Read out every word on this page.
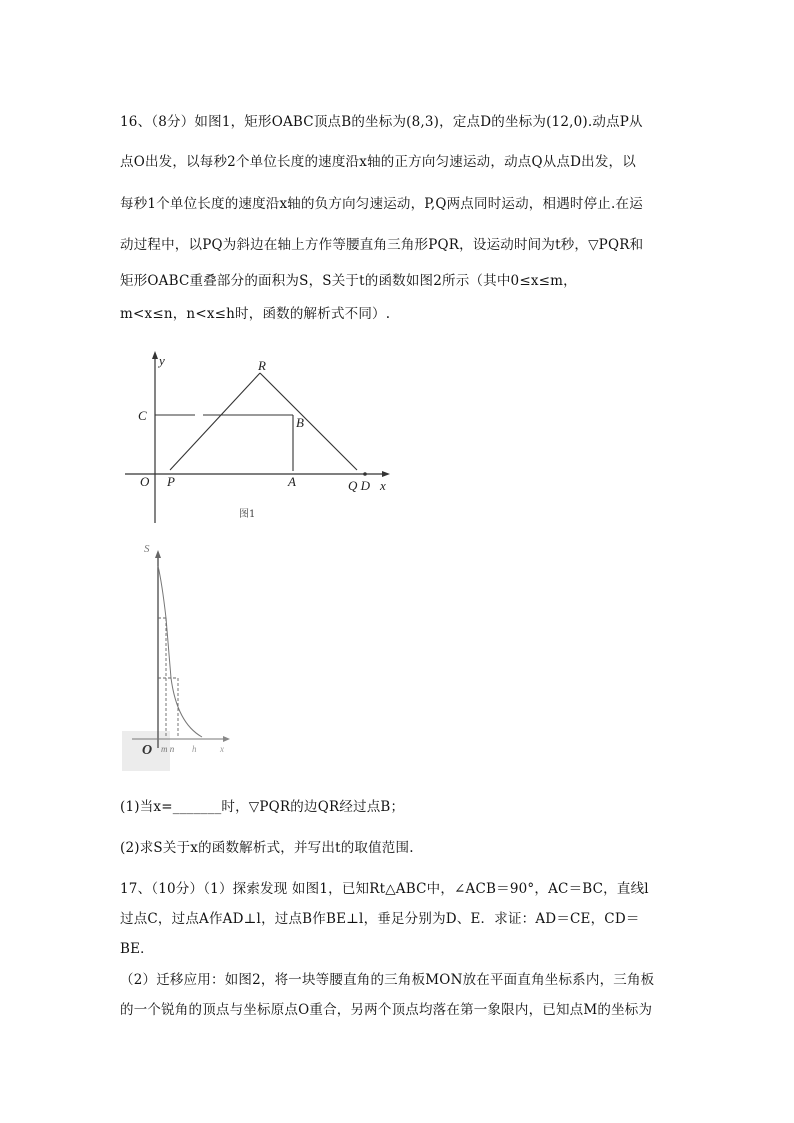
16、（8分）如图1，矩形OABC顶点B的坐标为(8,3)，定点D的坐标为(12,0).动点P从
点O出发，以每秒2个单位长度的速度沿x轴的正方向匀速运动，动点Q从点D出发，以
每秒1个单位长度的速度沿x轴的负方向匀速运动，P,Q两点同时运动，相遇时停止.在运
动过程中，以PQ为斜边在轴上方作等腰直角三角形PQR，设运动时间为t秒，▽PQR和
矩形OABC重叠部分的面积为S，S关于t的函数如图2所示（其中0≤x≤m，
m<x≤n，n<x≤h时，函数的解析式不同）.
y	R
C	B
O P	A	Q D x
图1
S
O m n h	x
(1)当x=_______时，▽PQR的边QR经过点B；
(2)求S关于x的函数解析式，并写出t的取值范围.
17、（10分）（1）探索发现 如图1，已知Rt△ABC中，∠ACB＝90°，AC＝BC，直线l
过点C，过点A作AD⊥l，过点B作BE⊥l，垂足分别为D、E．求证：AD＝CE，CD＝
BE．
（2）迁移应用：如图2，将一块等腰直角的三角板MON放在平面直角坐标系内，三角板
的一个锐角的顶点与坐标原点O重合，另两个顶点均落在第一象限内，已知点M的坐标为
